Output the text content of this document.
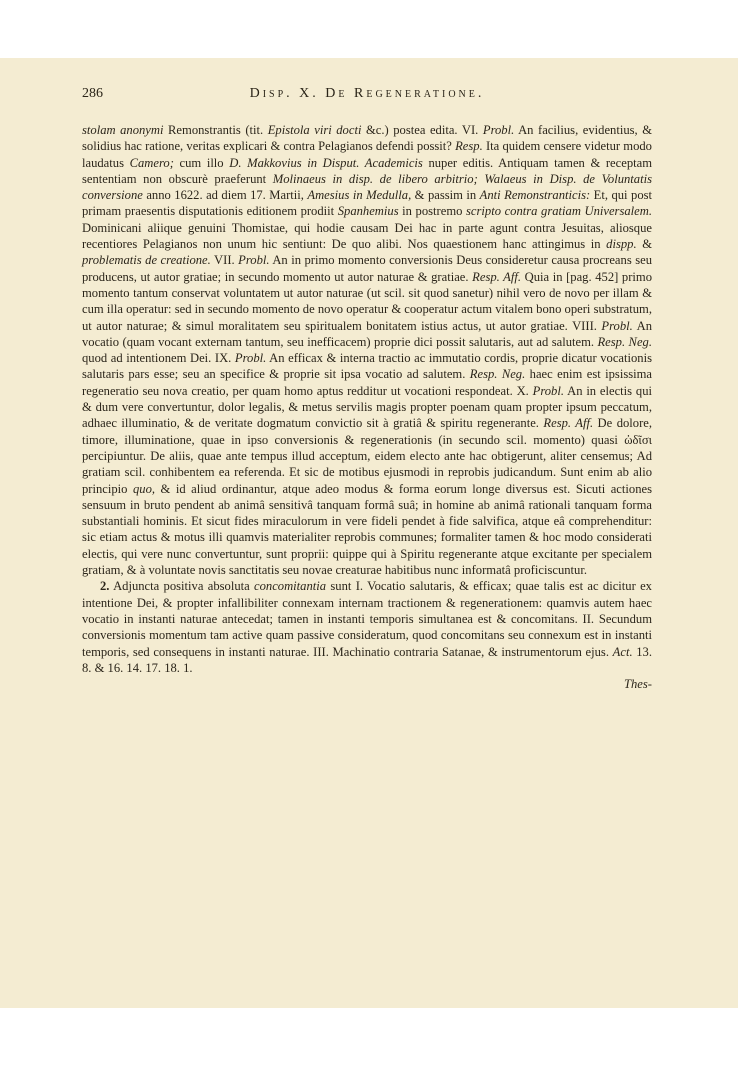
286	Disp. X. De Regeneratione.

stolam anonymi Remonstrantis (tit. Epistola viri docti &c.) postea edita. VI. Probl. An facilius, evidentius, & solidius hac ratione, veritas explicari & contra Pelagianos defendi possit? Resp. Ita quidem censere videtur modo laudatus Camero; cum illo D. Makkovius in Disput. Academicis nuper editis. Antiquam tamen & receptam sententiam non obscurè praeferunt Molinaeus in disp. de libero arbitrio; Walaeus in Disp. de Voluntatis conversione anno 1622. ad diem 17. Martii, Amesius in Medulla, & passim in Anti Remonstranticis: Et, qui post primam praesentis disputationis editionem prodiit Spanhemius in postremo scripto contra gratiam Universalem. Dominicani aliique genuini Thomistae, qui hodie causam Dei hac in parte agunt contra Jesuitas, aliosque recentiores Pelagianos non unum hic sentiunt: De quo alibi. Nos quaestionem hanc attingimus in dispp. & problematis de creatione. VII. Probl. An in primo momento conversionis Deus consideretur causa procreans seu producens, ut autor gratiae; in secundo momento ut autor naturae & gratiae. Resp. Aff. Quia in [pag. 452] primo momento tantum conservat voluntatem ut autor naturae (ut scil. sit quod sanetur) nihil vero de novo per illam & cum illa operatur: sed in secundo momento de novo operatur & cooperatur actum vitalem bono operi substratum, ut autor naturae; & simul moralitatem seu spiritualem bonitatem istius actus, ut autor gratiae. VIII. Probl. An vocatio (quam vocant externam tantum, seu inefficacem) proprie dici possit salutaris, aut ad salutem. Resp. Neg. quod ad intentionem Dei. IX. Probl. An efficax & interna tractio ac immutatio cordis, proprie dicatur vocationis salutaris pars esse; seu an specifice & proprie sit ipsa vocatio ad salutem. Resp. Neg. haec enim est ipsissima regeneratio seu nova creatio, per quam homo aptus redditur ut vocationi respondeat. X. Probl. An in electis qui & dum vere convertuntur, dolor legalis, & metus servilis magis propter poenam quam propter ipsum peccatum, adhaec illuminatio, & de veritate dogmatum convictio sit à gratiâ & spiritu regenerante. Resp. Aff. De dolore, timore, illuminatione, quae in ipso conversionis & regenerationis (in secundo scil. momento) quasi ὠδῖσι percipiuntur. De aliis, quae ante tempus illud acceptum, eidem electo ante hac obtigerunt, aliter censemus; Ad gratiam scil. conhibentem ea referenda. Et sic de motibus ejusmodi in reprobis judicandum. Sunt enim ab alio principio quo, & id aliud ordinantur, atque adeo modus & forma eorum longe diversus est. Sicuti actiones sensuum in bruto pendent ab animâ sensitivâ tanquam formâ suâ; in homine ab animâ rationali tanquam forma substantiali hominis. Et sicut fides miraculorum in vere fideli pendet à fide salvifica, atque eâ comprehenditur: sic etiam actus & motus illi quamvis materialiter reprobis communes; formaliter tamen & hoc modo considerati electis, qui vere nunc convertuntur, sunt proprii: quippe qui à Spiritu regenerante atque excitante per specialem gratiam, & à voluntate novis sanctitatis seu novae creaturae habitibus nunc informatâ proficiscuntur.

2. Adjuncta positiva absoluta concomitantia sunt I. Vocatio salutaris, & efficax; quae talis est ac dicitur ex intentione Dei, & propter infallibiliter connexam internam tractionem & regenerationem: quamvis autem haec vocatio in instanti naturae antecedat; tamen in instanti temporis simultanea est & concomitans. II. Secundum conversionis momentum tam active quam passive consideratum, quod concomitans seu connexum est in instanti temporis, sed consequens in instanti naturae. III. Machinatio contraria Satanae, & instrumentorum ejus. Act. 13. 8. & 16. 14. 17. 18. 1.

Thes-
